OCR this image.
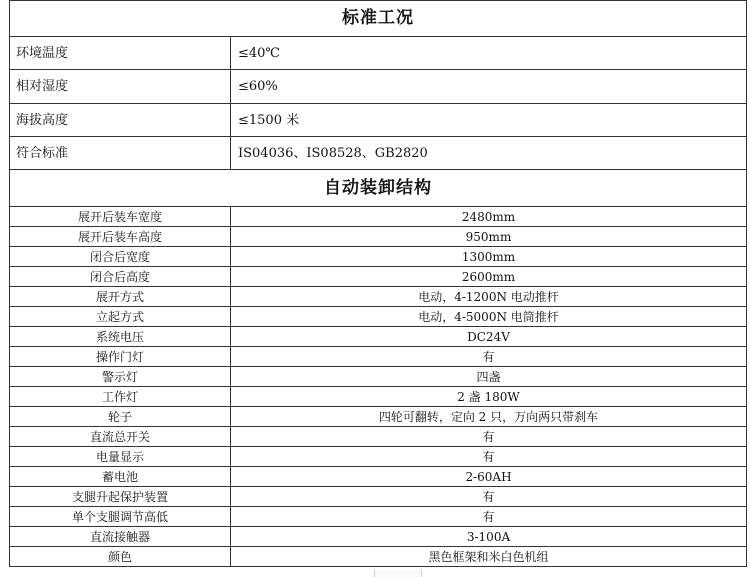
标准工况	
环境温度	≤40℃
相对湿度	≤60%
海拔高度	≤1500 米
符合标准	IS04036、IS08528、GB2820
自动装卸结构	
展开后装车宽度	2480mm
展开后装车高度	950mm
闭合后宽度	1300mm
闭合后高度	2600mm
展开方式	电动，4-1200N 电动推杆
立起方式	电动，4-5000N 电筒推杆
系统电压	DC24V
操作门灯	有
警示灯	四盏
工作灯	2 盏 180W
轮子	四轮可翻转，定向 2 只，万向两只带刹车
直流总开关	有
电量显示	有
蓄电池	2-60AH
支腿升起保护装置	有
单个支腿调节高低	有
直流接触器	3-100A
颜色	黑色框架和米白色机组
